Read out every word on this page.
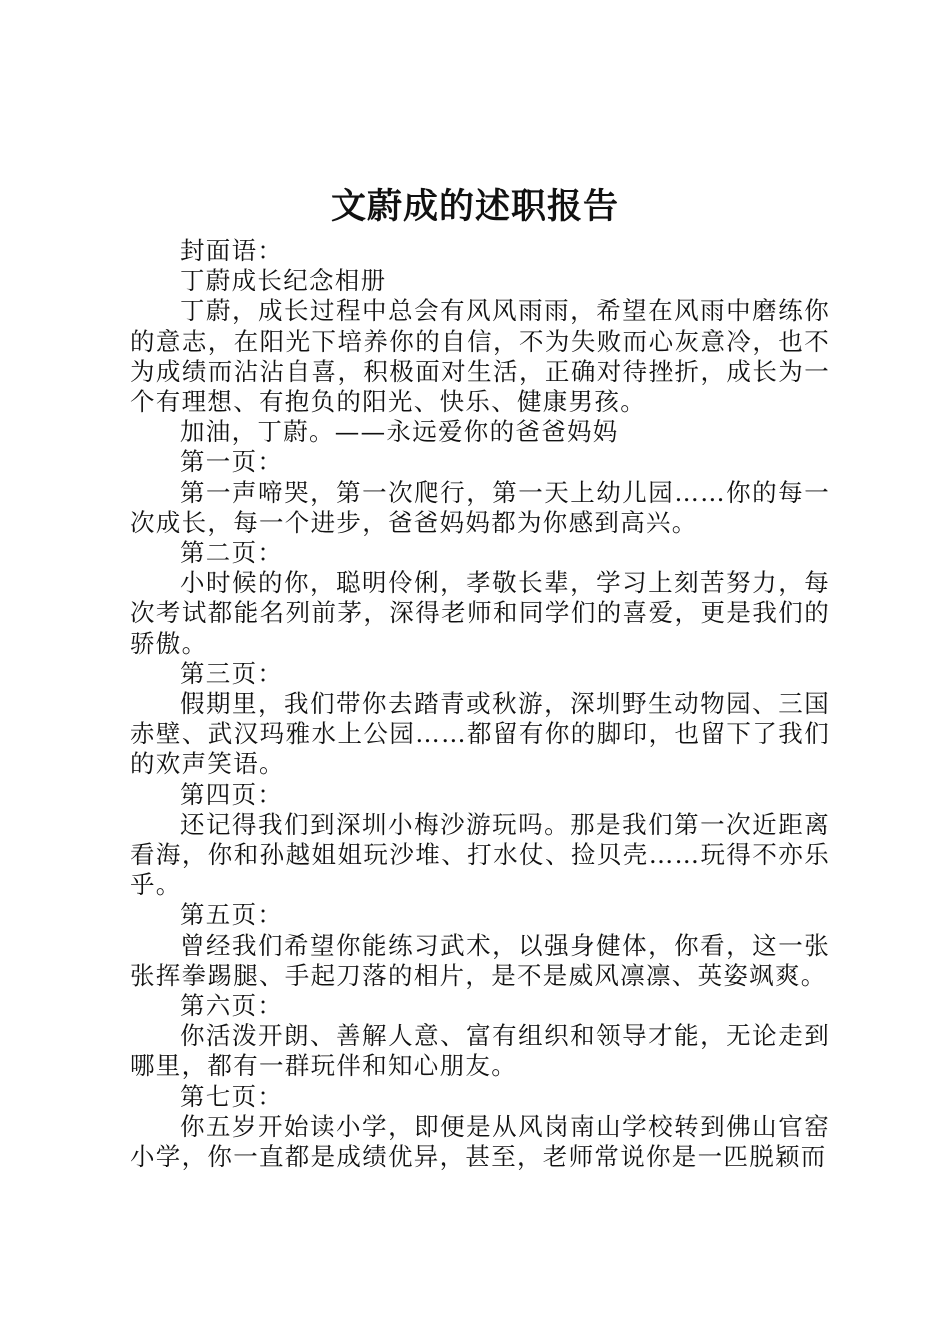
文蔚成的述职报告

封面语：

丁蔚成长纪念相册

丁蔚，成长过程中总会有风风雨雨，希望在风雨中磨练你的意志，在阳光下培养你的自信，不为失败而心灰意冷，也不为成绩而沾沾自喜，积极面对生活，正确对待挫折，成长为一个有理想、有抱负的阳光、快乐、健康男孩。

加油，丁蔚。——永远爱你的爸爸妈妈

第一页：

第一声啼哭，第一次爬行，第一天上幼儿园……你的每一次成长，每一个进步，爸爸妈妈都为你感到高兴。

第二页：

小时候的你，聪明伶俐，孝敬长辈，学习上刻苦努力，每次考试都能名列前茅，深得老师和同学们的喜爱，更是我们的骄傲。

第三页：

假期里，我们带你去踏青或秋游，深圳野生动物园、三国赤壁、武汉玛雅水上公园……都留有你的脚印，也留下了我们的欢声笑语。

第四页：

还记得我们到深圳小梅沙游玩吗。那是我们第一次近距离看海，你和孙越姐姐玩沙堆、打水仗、捡贝壳……玩得不亦乐乎。

第五页：

曾经我们希望你能练习武术，以强身健体，你看，这一张张挥拳踢腿、手起刀落的相片，是不是威风凛凛、英姿飒爽。

第六页：

你活泼开朗、善解人意、富有组织和领导才能，无论走到哪里，都有一群玩伴和知心朋友。

第七页：

你五岁开始读小学，即便是从风岗南山学校转到佛山官窑小学，你一直都是成绩优异，甚至，老师常说你是一匹脱颖而
